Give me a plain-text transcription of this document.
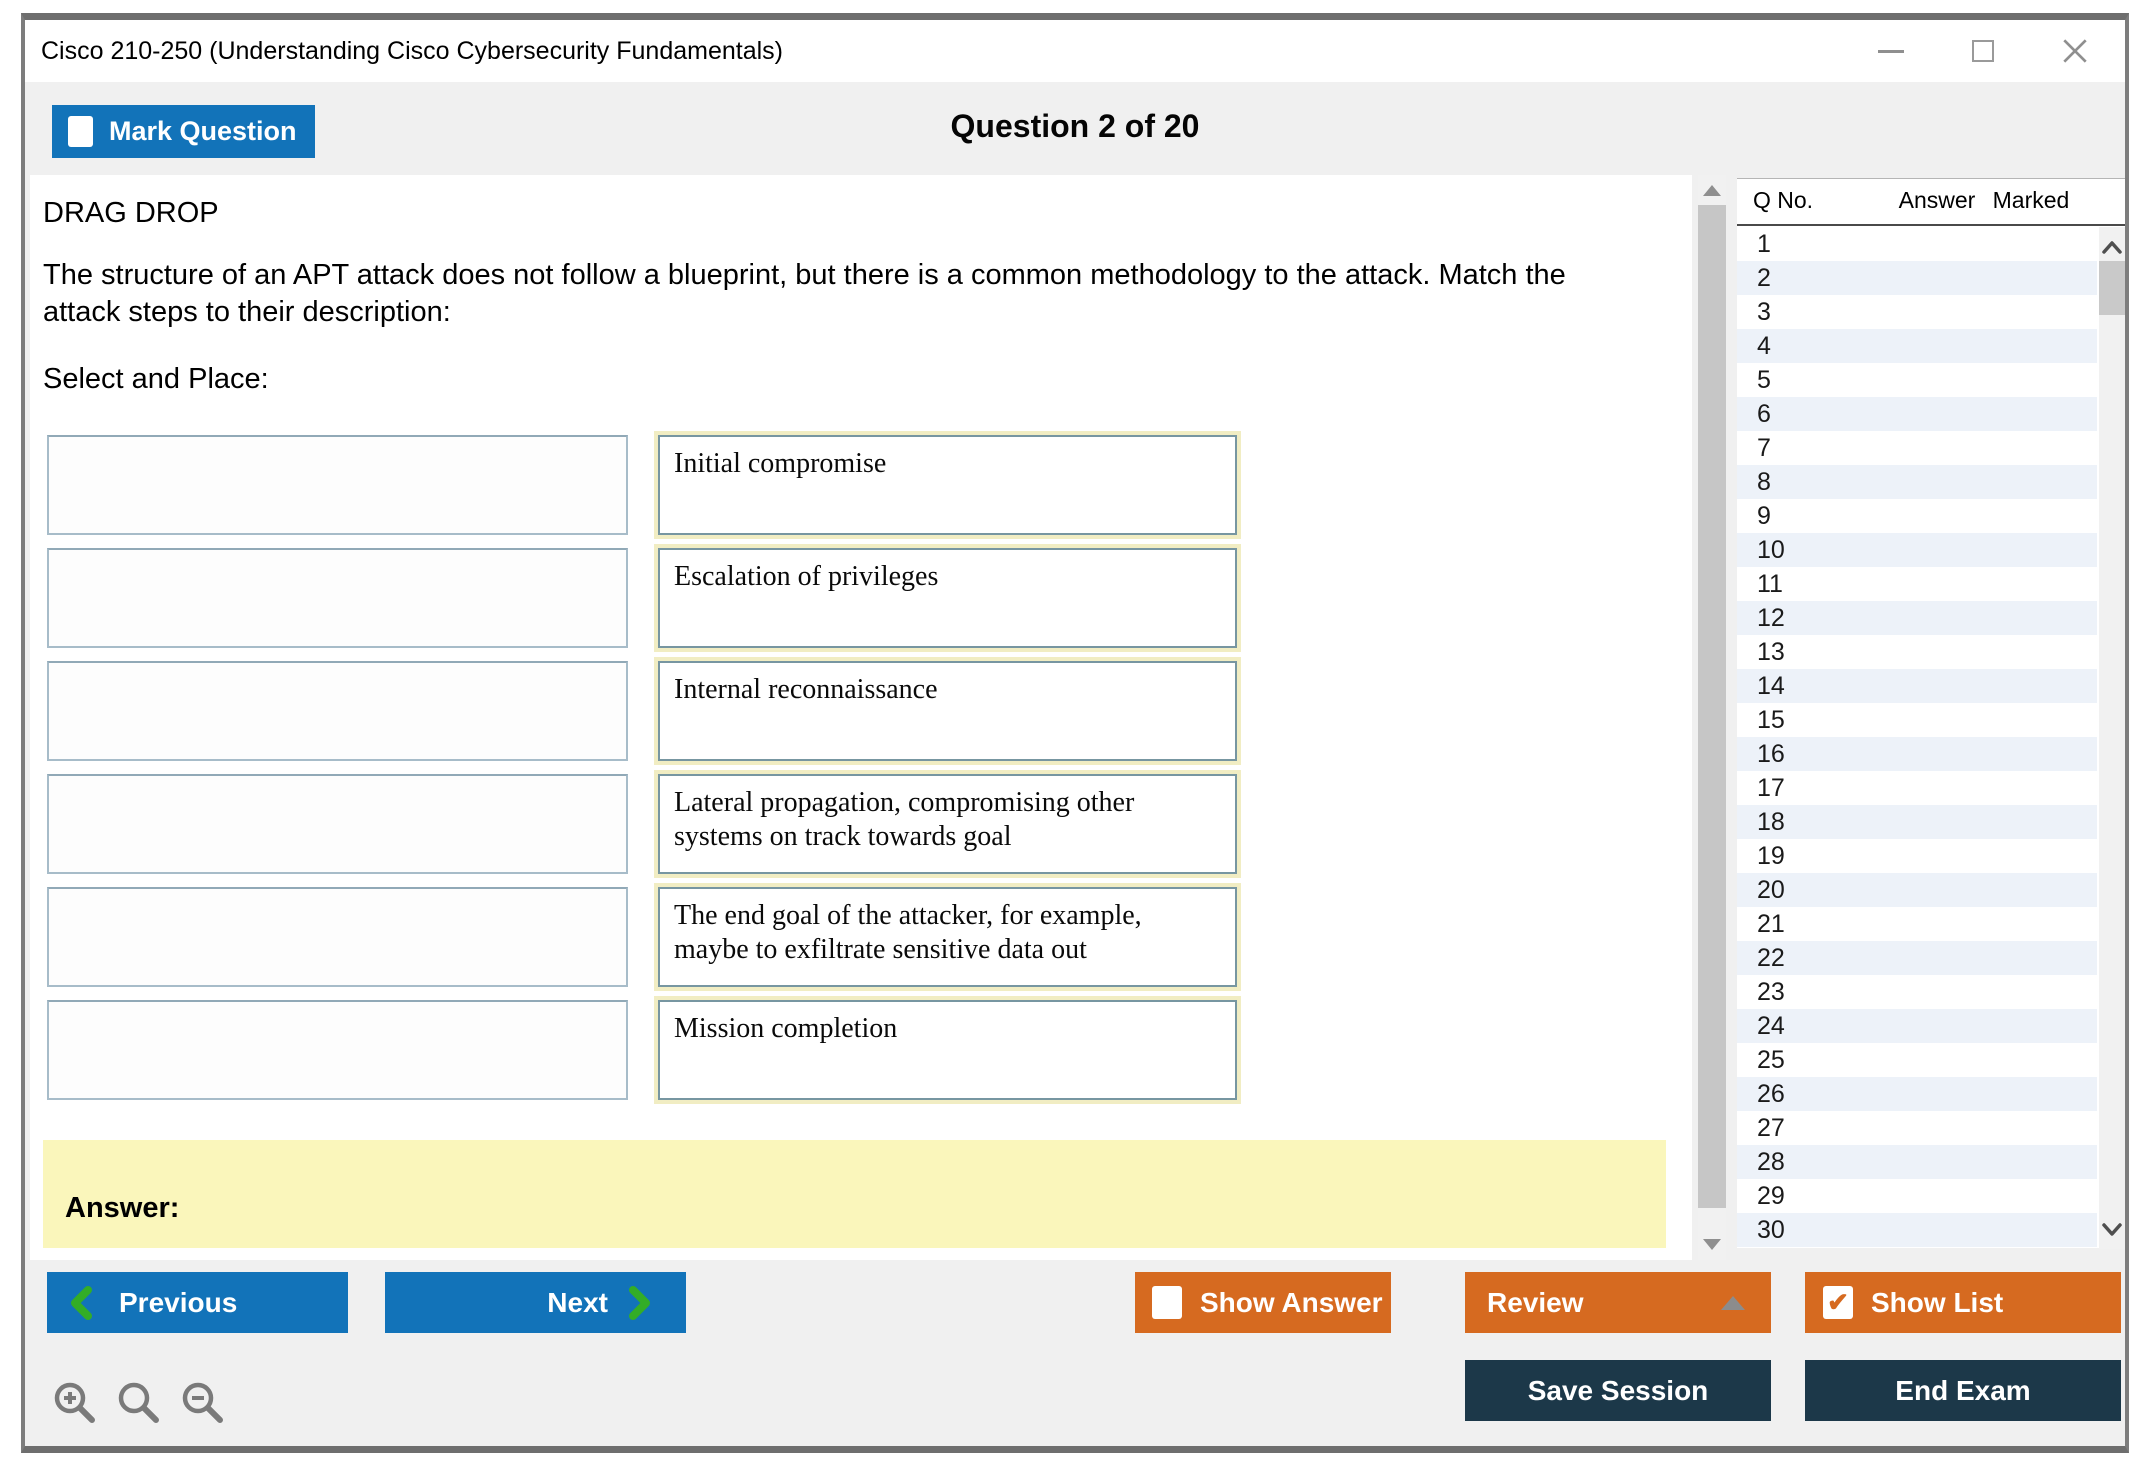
Cisco 210-250 (Understanding Cisco Cybersecurity Fundamentals)
Mark Question	Question 2 of 20
DRAG DROP
The structure of an APT attack does not follow a blueprint, but there is a common methodology to the attack. Match the attack steps to their description:
Select and Place:
Initial compromise
Escalation of privileges
Internal reconnaissance
Lateral propagation, compromising other systems on track towards goal
The end goal of the attacker, for example, maybe to exfiltrate sensitive data out
Mission completion
Answer:
Q No.	Answer Marked
1
2
3
4
5
6
7
8
9
10
11
12
13
14
15
16
17
18
19
20
21
22
23
24
25
26
27
28
29
30
Previous	Next	Show Answer	Review ✔	Show List
Save Session	End Exam
